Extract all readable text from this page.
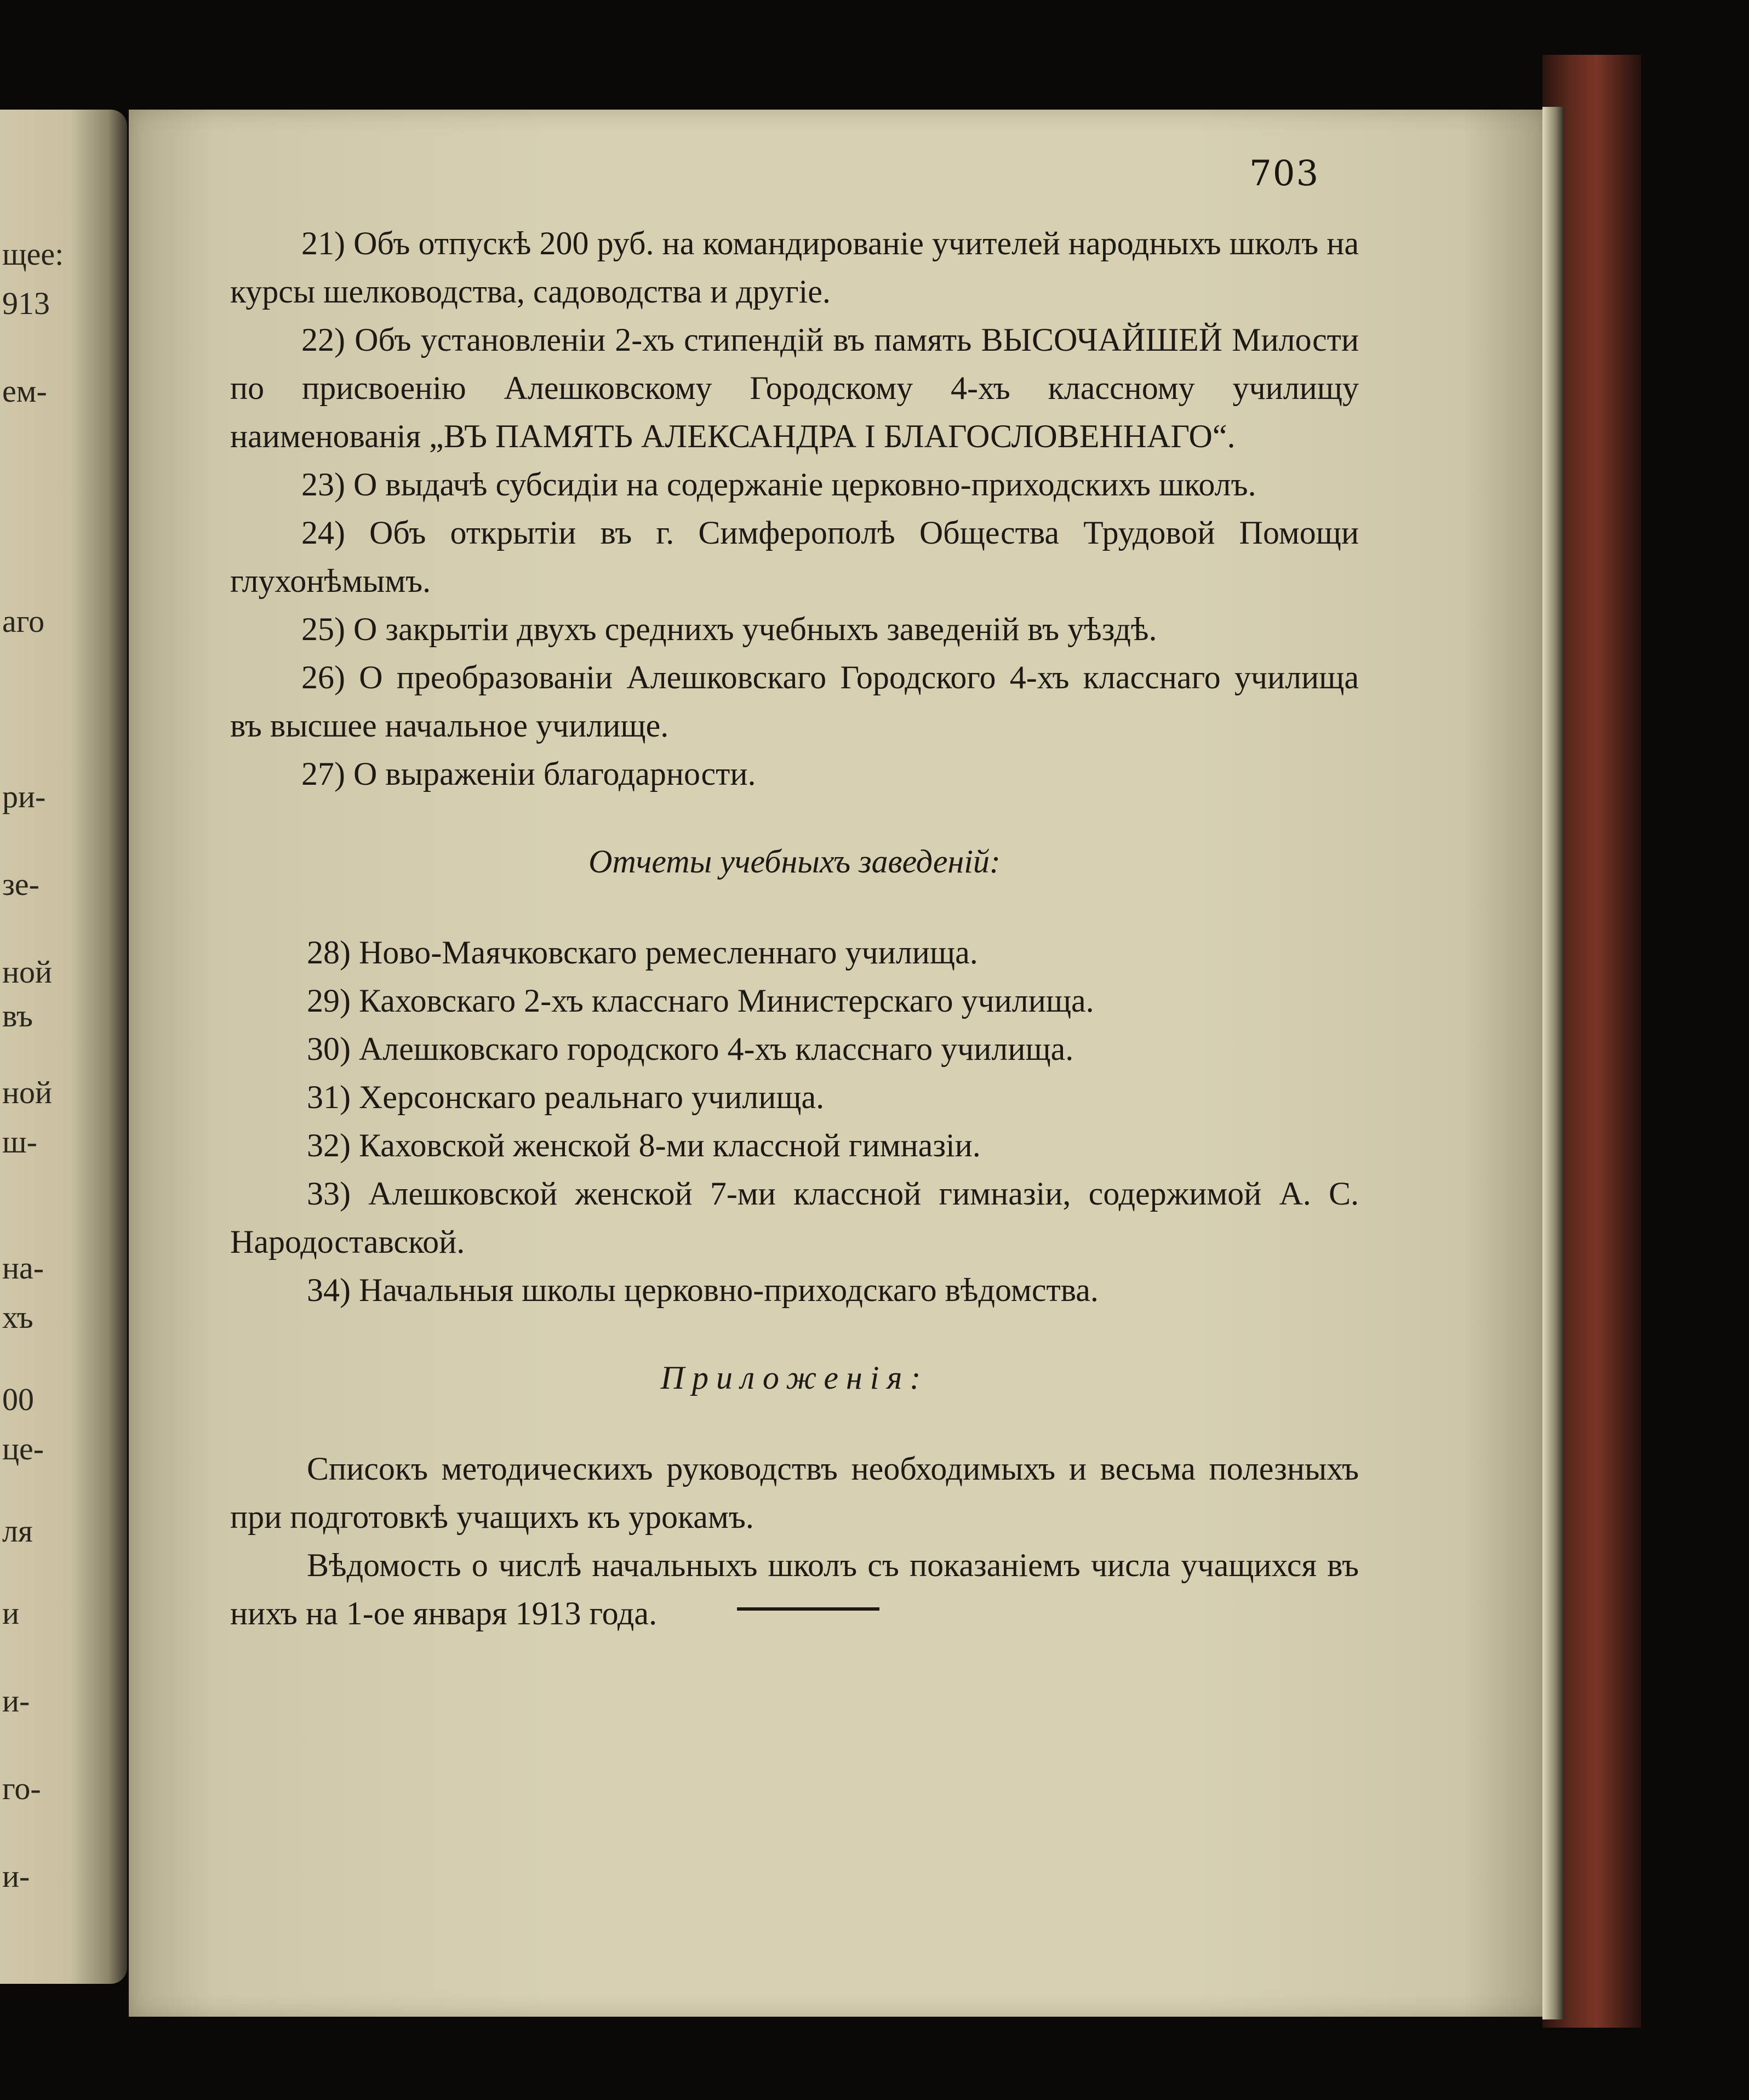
щее:
913
ем-
аго
ри-
зе-
ной
въ
ной
ш-
на-
хъ
00
це-
ля
и
и-
го-
и-

703

21) Объ отпускѣ 200 руб. на командированіе учителей народныхъ школъ на курсы шелководства, садоводства и другіе.

22) Объ установленіи 2-хъ стипендій въ память ВЫСОЧАЙШЕЙ Милости по присвоенію Алешковскому Городскому 4-хъ классному училищу наименованія „ВЪ ПАМЯТЬ АЛЕКСАНДРА І БЛАГОСЛОВЕННАГО“.

23) О выдачѣ субсидіи на содержаніе церковно-приходскихъ школъ.

24) Объ открытіи въ г. Симферополѣ Общества Трудовой Помощи глухонѣмымъ.

25) О закрытіи двухъ среднихъ учебныхъ заведеній въ уѣздѣ.

26) О преобразованіи Алешковскаго Городского 4-хъ класснаго училища въ высшее начальное училище.

27) О выраженіи благодарности.

Отчеты учебныхъ заведеній:

28) Ново-Маячковскаго ремесленнаго училища.

29) Каховскаго 2-хъ класснаго Министерскаго училища.

30) Алешковскаго городского 4-хъ класснаго училища.

31) Херсонскаго реальнаго училища.

32) Каховской женской 8-ми классной гимназіи.

33) Алешковской женской 7-ми классной гимназіи, содержимой А. С. Народоставской.

34) Начальныя школы церковно-приходскаго вѣдомства.

Приложенія:

Списокъ методическихъ руководствъ необходимыхъ и весьма полезныхъ при подготовкѣ учащихъ къ урокамъ.

Вѣдомость о числѣ начальныхъ школъ съ показаніемъ числа учащихся въ нихъ на 1-ое января 1913 года.
